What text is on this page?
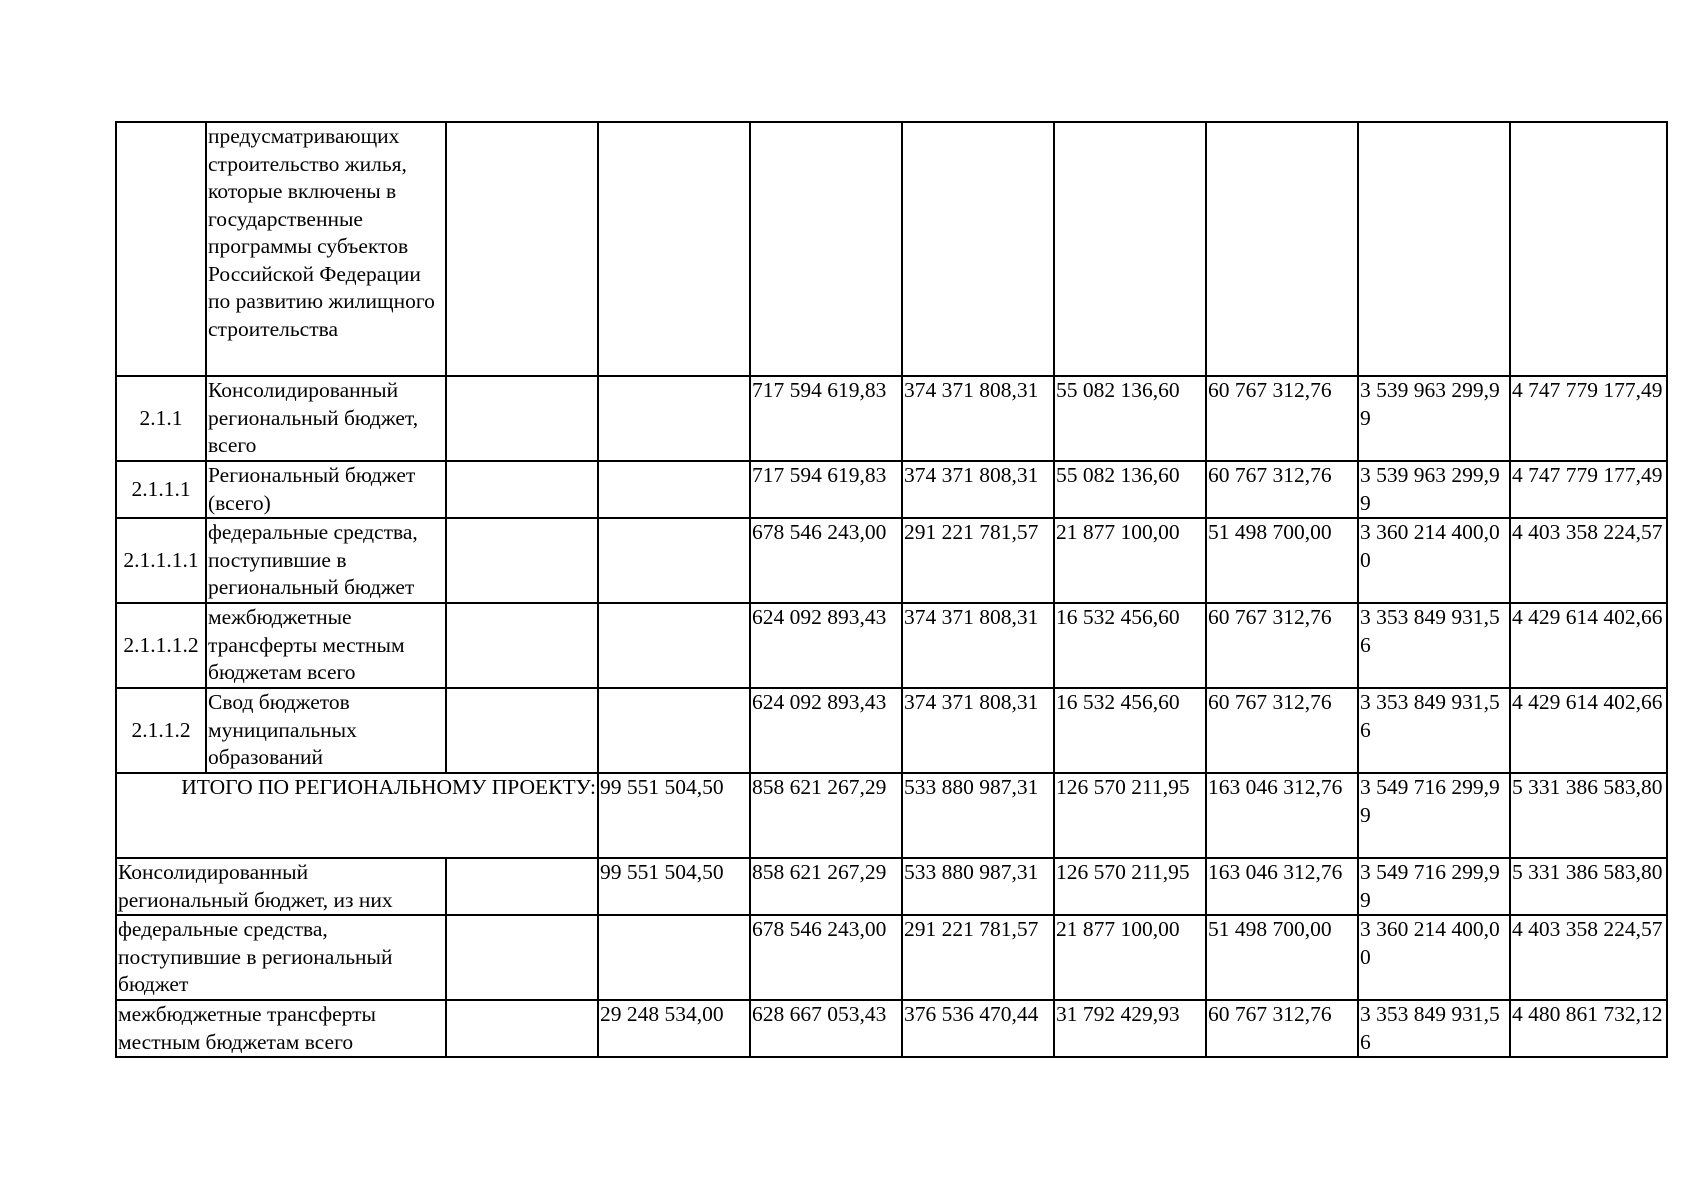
	предусматривающих строительство жилья, которые включены в государственные программы субъектов Российской Федерации по развитию жилищного строительства								
2.1.1	Консолидированный региональный бюджет, всего			717 594 619,83	374 371 808,31	55 082 136,60	60 767 312,76	3 539 963 299,99	4 747 779 177,49
2.1.1.1	Региональный бюджет (всего)			717 594 619,83	374 371 808,31	55 082 136,60	60 767 312,76	3 539 963 299,99	4 747 779 177,49
2.1.1.1.1	федеральные средства, поступившие в региональный бюджет			678 546 243,00	291 221 781,57	21 877 100,00	51 498 700,00	3 360 214 400,00	4 403 358 224,57
2.1.1.1.2	межбюджетные трансферты местным бюджетам всего			624 092 893,43	374 371 808,31	16 532 456,60	60 767 312,76	3 353 849 931,56	4 429 614 402,66
2.1.1.2	Свод бюджетов муниципальных образований			624 092 893,43	374 371 808,31	16 532 456,60	60 767 312,76	3 353 849 931,56	4 429 614 402,66
ИТОГО ПО РЕГИОНАЛЬНОМУ ПРОЕКТУ:			99 551 504,50	858 621 267,29	533 880 987,31	126 570 211,95	163 046 312,76	3 549 716 299,99	5 331 386 583,80
Консолидированный региональный бюджет, из них			99 551 504,50	858 621 267,29	533 880 987,31	126 570 211,95	163 046 312,76	3 549 716 299,99	5 331 386 583,80
федеральные средства, поступившие в региональный бюджет				678 546 243,00	291 221 781,57	21 877 100,00	51 498 700,00	3 360 214 400,00	4 403 358 224,57
межбюджетные трансферты местным бюджетам всего			29 248 534,00	628 667 053,43	376 536 470,44	31 792 429,93	60 767 312,76	3 353 849 931,56	4 480 861 732,12
